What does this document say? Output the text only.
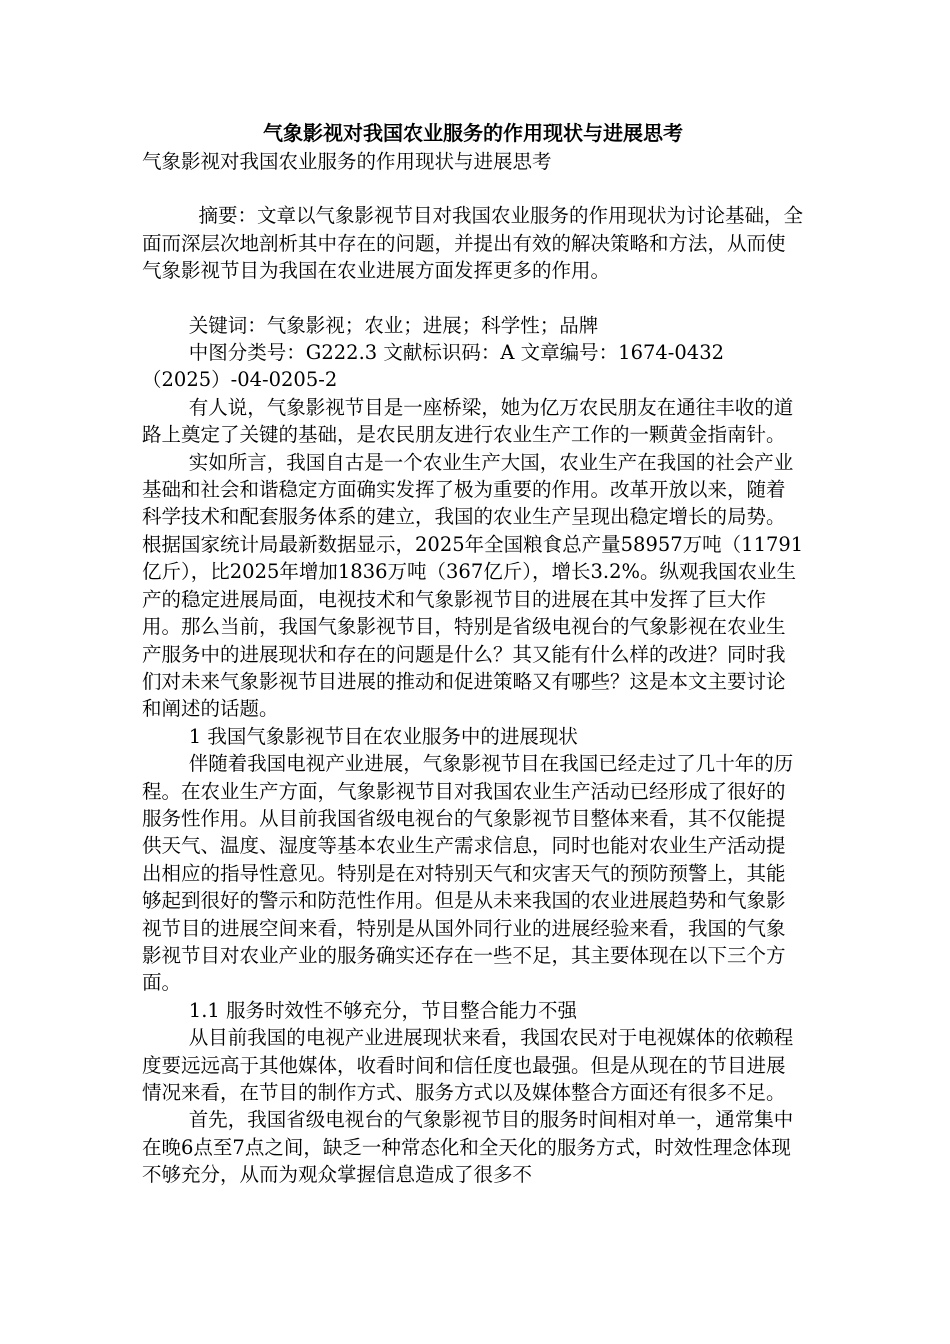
气象影视对我国农业服务的作用现状与进展思考

气象影视对我国农业服务的作用现状与进展思考

摘要：文章以气象影视节目对我国农业服务的作用现状为讨论基础，全面而深层次地剖析其中存在的问题，并提出有效的解决策略和方法，从而使气象影视节目为我国在农业进展方面发挥更多的作用。

关键词：气象影视；农业；进展；科学性；品牌

中图分类号：G222.3 文献标识码：A 文章编号：1674-0432（2025）-04-0205-2

有人说，气象影视节目是一座桥梁，她为亿万农民朋友在通往丰收的道路上奠定了关键的基础，是农民朋友进行农业生产工作的一颗黄金指南针。

实如所言，我国自古是一个农业生产大国，农业生产在我国的社会产业基础和社会和谐稳定方面确实发挥了极为重要的作用。改革开放以来，随着科学技术和配套服务体系的建立，我国的农业生产呈现出稳定增长的局势。根据国家统计局最新数据显示，2025年全国粮食总产量58957万吨（11791亿斤），比2025年增加1836万吨（367亿斤），增长3.2%。纵观我国农业生产的稳定进展局面，电视技术和气象影视节目的进展在其中发挥了巨大作用。那么当前，我国气象影视节目，特别是省级电视台的气象影视在农业生产服务中的进展现状和存在的问题是什么？其又能有什么样的改进？同时我们对未来气象影视节目进展的推动和促进策略又有哪些？这是本文主要讨论和阐述的话题。

1 我国气象影视节目在农业服务中的进展现状

伴随着我国电视产业进展，气象影视节目在我国已经走过了几十年的历程。在农业生产方面，气象影视节目对我国农业生产活动已经形成了很好的服务性作用。从目前我国省级电视台的气象影视节目整体来看，其不仅能提供天气、温度、湿度等基本农业生产需求信息，同时也能对农业生产活动提出相应的指导性意见。特别是在对特别天气和灾害天气的预防预警上，其能够起到很好的警示和防范性作用。但是从未来我国的农业进展趋势和气象影视节目的进展空间来看，特别是从国外同行业的进展经验来看，我国的气象影视节目对农业产业的服务确实还存在一些不足，其主要体现在以下三个方面。

1.1 服务时效性不够充分，节目整合能力不强

从目前我国的电视产业进展现状来看，我国农民对于电视媒体的依赖程度要远远高于其他媒体，收看时间和信任度也最强。但是从现在的节目进展情况来看，在节目的制作方式、服务方式以及媒体整合方面还有很多不足。

首先，我国省级电视台的气象影视节目的服务时间相对单一，通常集中在晚6点至7点之间，缺乏一种常态化和全天化的服务方式，时效性理念体现不够充分，从而为观众掌握信息造成了很多不
